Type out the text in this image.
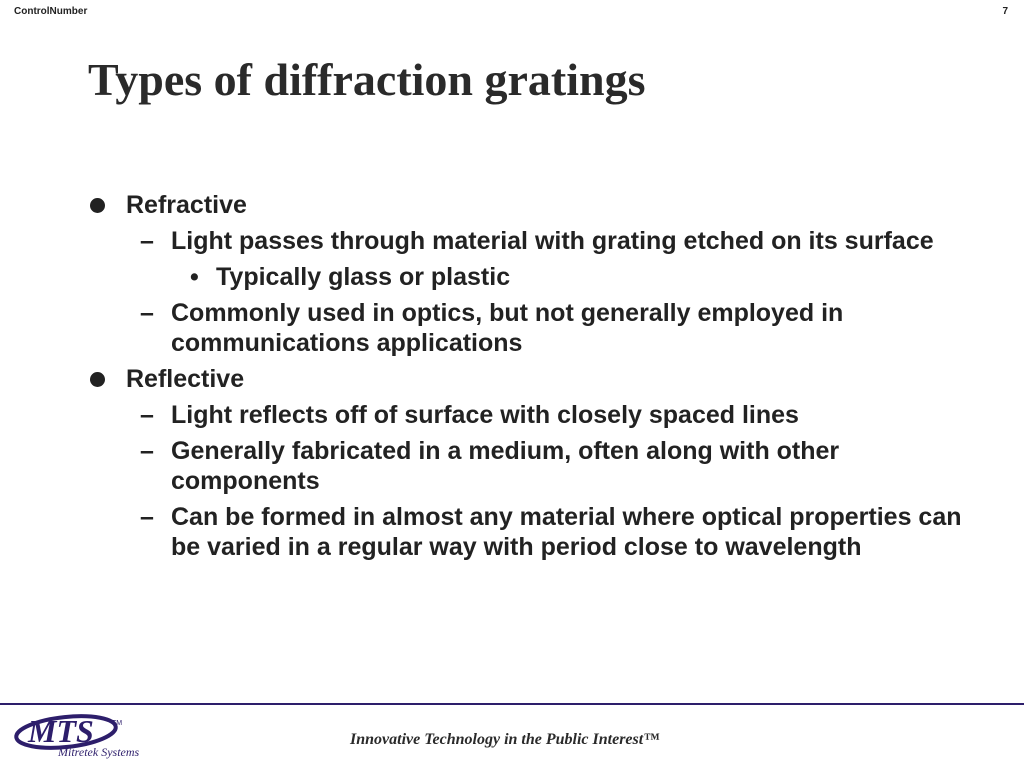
ControlNumber	7
Types of diffraction gratings
Refractive
– Light passes through material with grating etched on its surface
• Typically glass or plastic
– Commonly used in optics, but not generally employed in communications applications
Reflective
– Light reflects off of surface with closely spaced lines
– Generally fabricated in a medium, often along with other components
– Can be formed in almost any material where optical properties can be varied in a regular way with period close to wavelength
MTS	TM
Mitretek Systems
Innovative Technology in the Public Interest™
